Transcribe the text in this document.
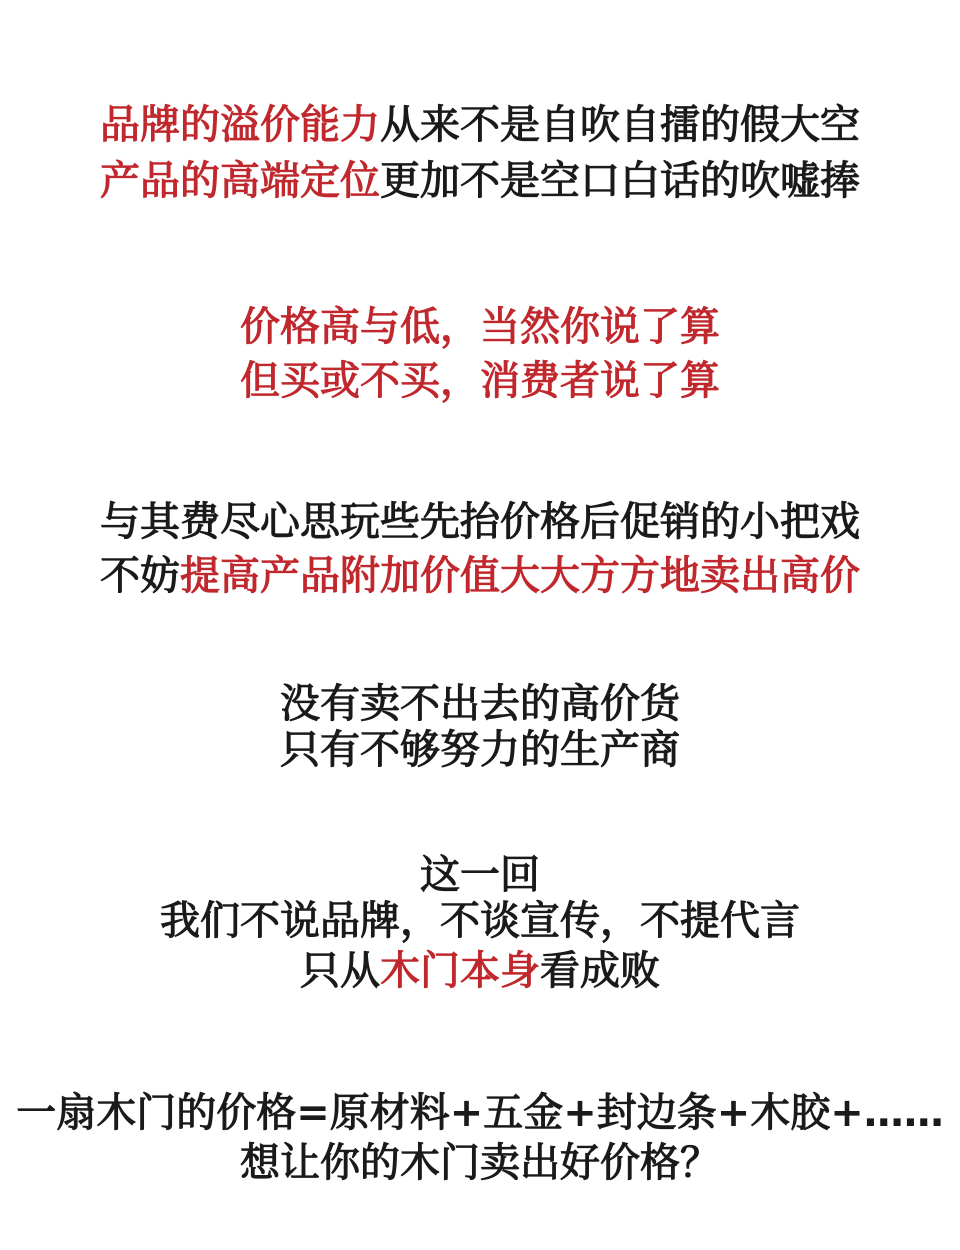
品牌的溢价能力从来不是自吹自擂的假大空
产品的高端定位更加不是空口白话的吹嘘捧
价格高与低，当然你说了算
但买或不买，消费者说了算
与其费尽心思玩些先抬价格后促销的小把戏
不妨提高产品附加价值大大方方地卖出高价
没有卖不出去的高价货
只有不够努力的生产商
这一回
我们不说品牌，不谈宣传，不提代言
只从木门本身看成败
一扇木门的价格=原材料+五金+封边条+木胶+……
想让你的木门卖出好价格？
